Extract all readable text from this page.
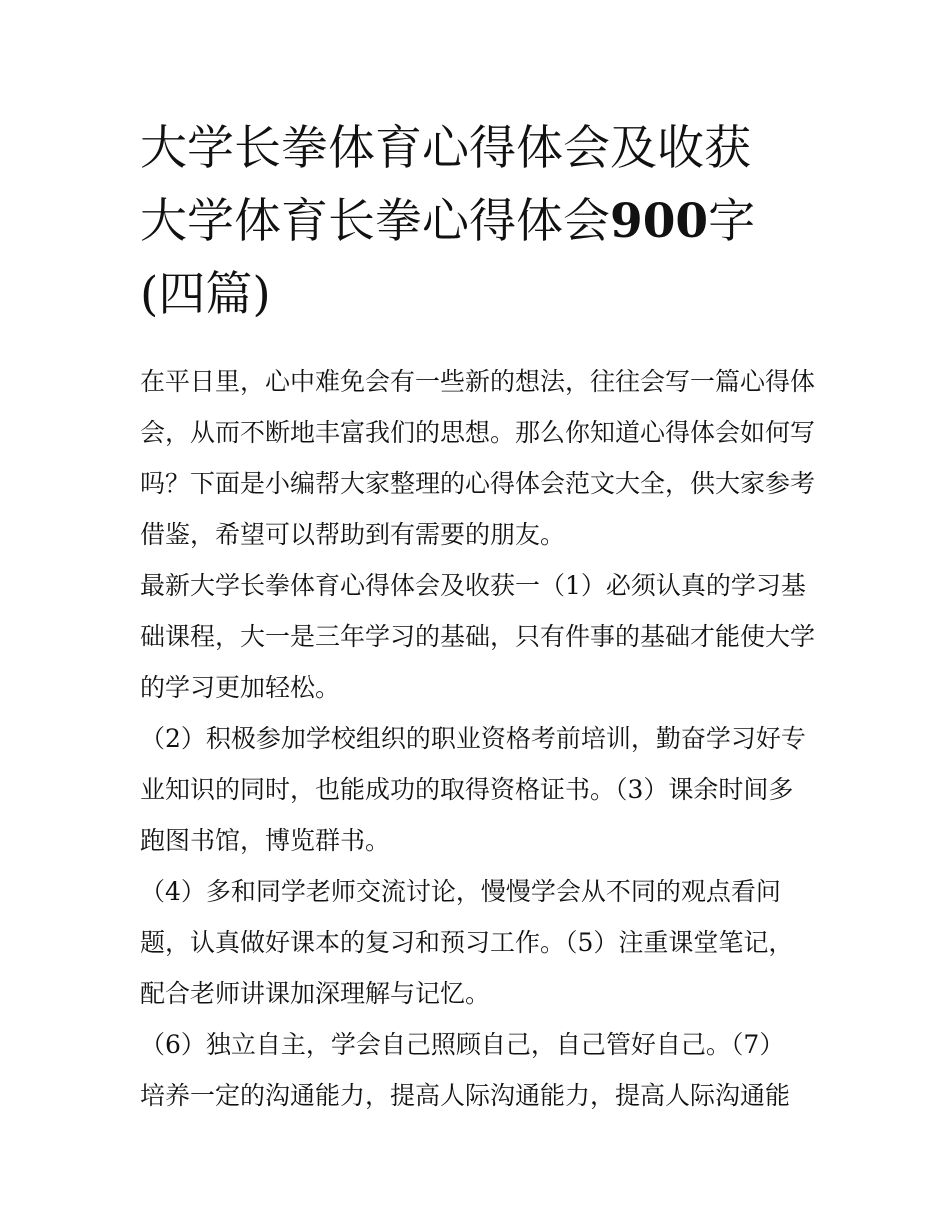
大学长拳体育心得体会及收获
大学体育长拳心得体会900字
(四篇)

在平日里，心中难免会有一些新的想法，往往会写一篇心得体
会，从而不断地丰富我们的思想。那么你知道心得体会如何写
吗？下面是小编帮大家整理的心得体会范文大全，供大家参考
借鉴，希望可以帮助到有需要的朋友。

最新大学长拳体育心得体会及收获一（1）必须认真的学习基
础课程，大一是三年学习的基础，只有件事的基础才能使大学
的学习更加轻松。

（2）积极参加学校组织的职业资格考前培训，勤奋学习好专
业知识的同时，也能成功的取得资格证书。（3）课余时间多
跑图书馆，博览群书。

（4）多和同学老师交流讨论，慢慢学会从不同的观点看问
题，认真做好课本的复习和预习工作。（5）注重课堂笔记，
配合老师讲课加深理解与记忆。

（6）独立自主，学会自己照顾自己，自己管好自己。（7）
培养一定的沟通能力，提高人际沟通能力，提高人际沟通能
